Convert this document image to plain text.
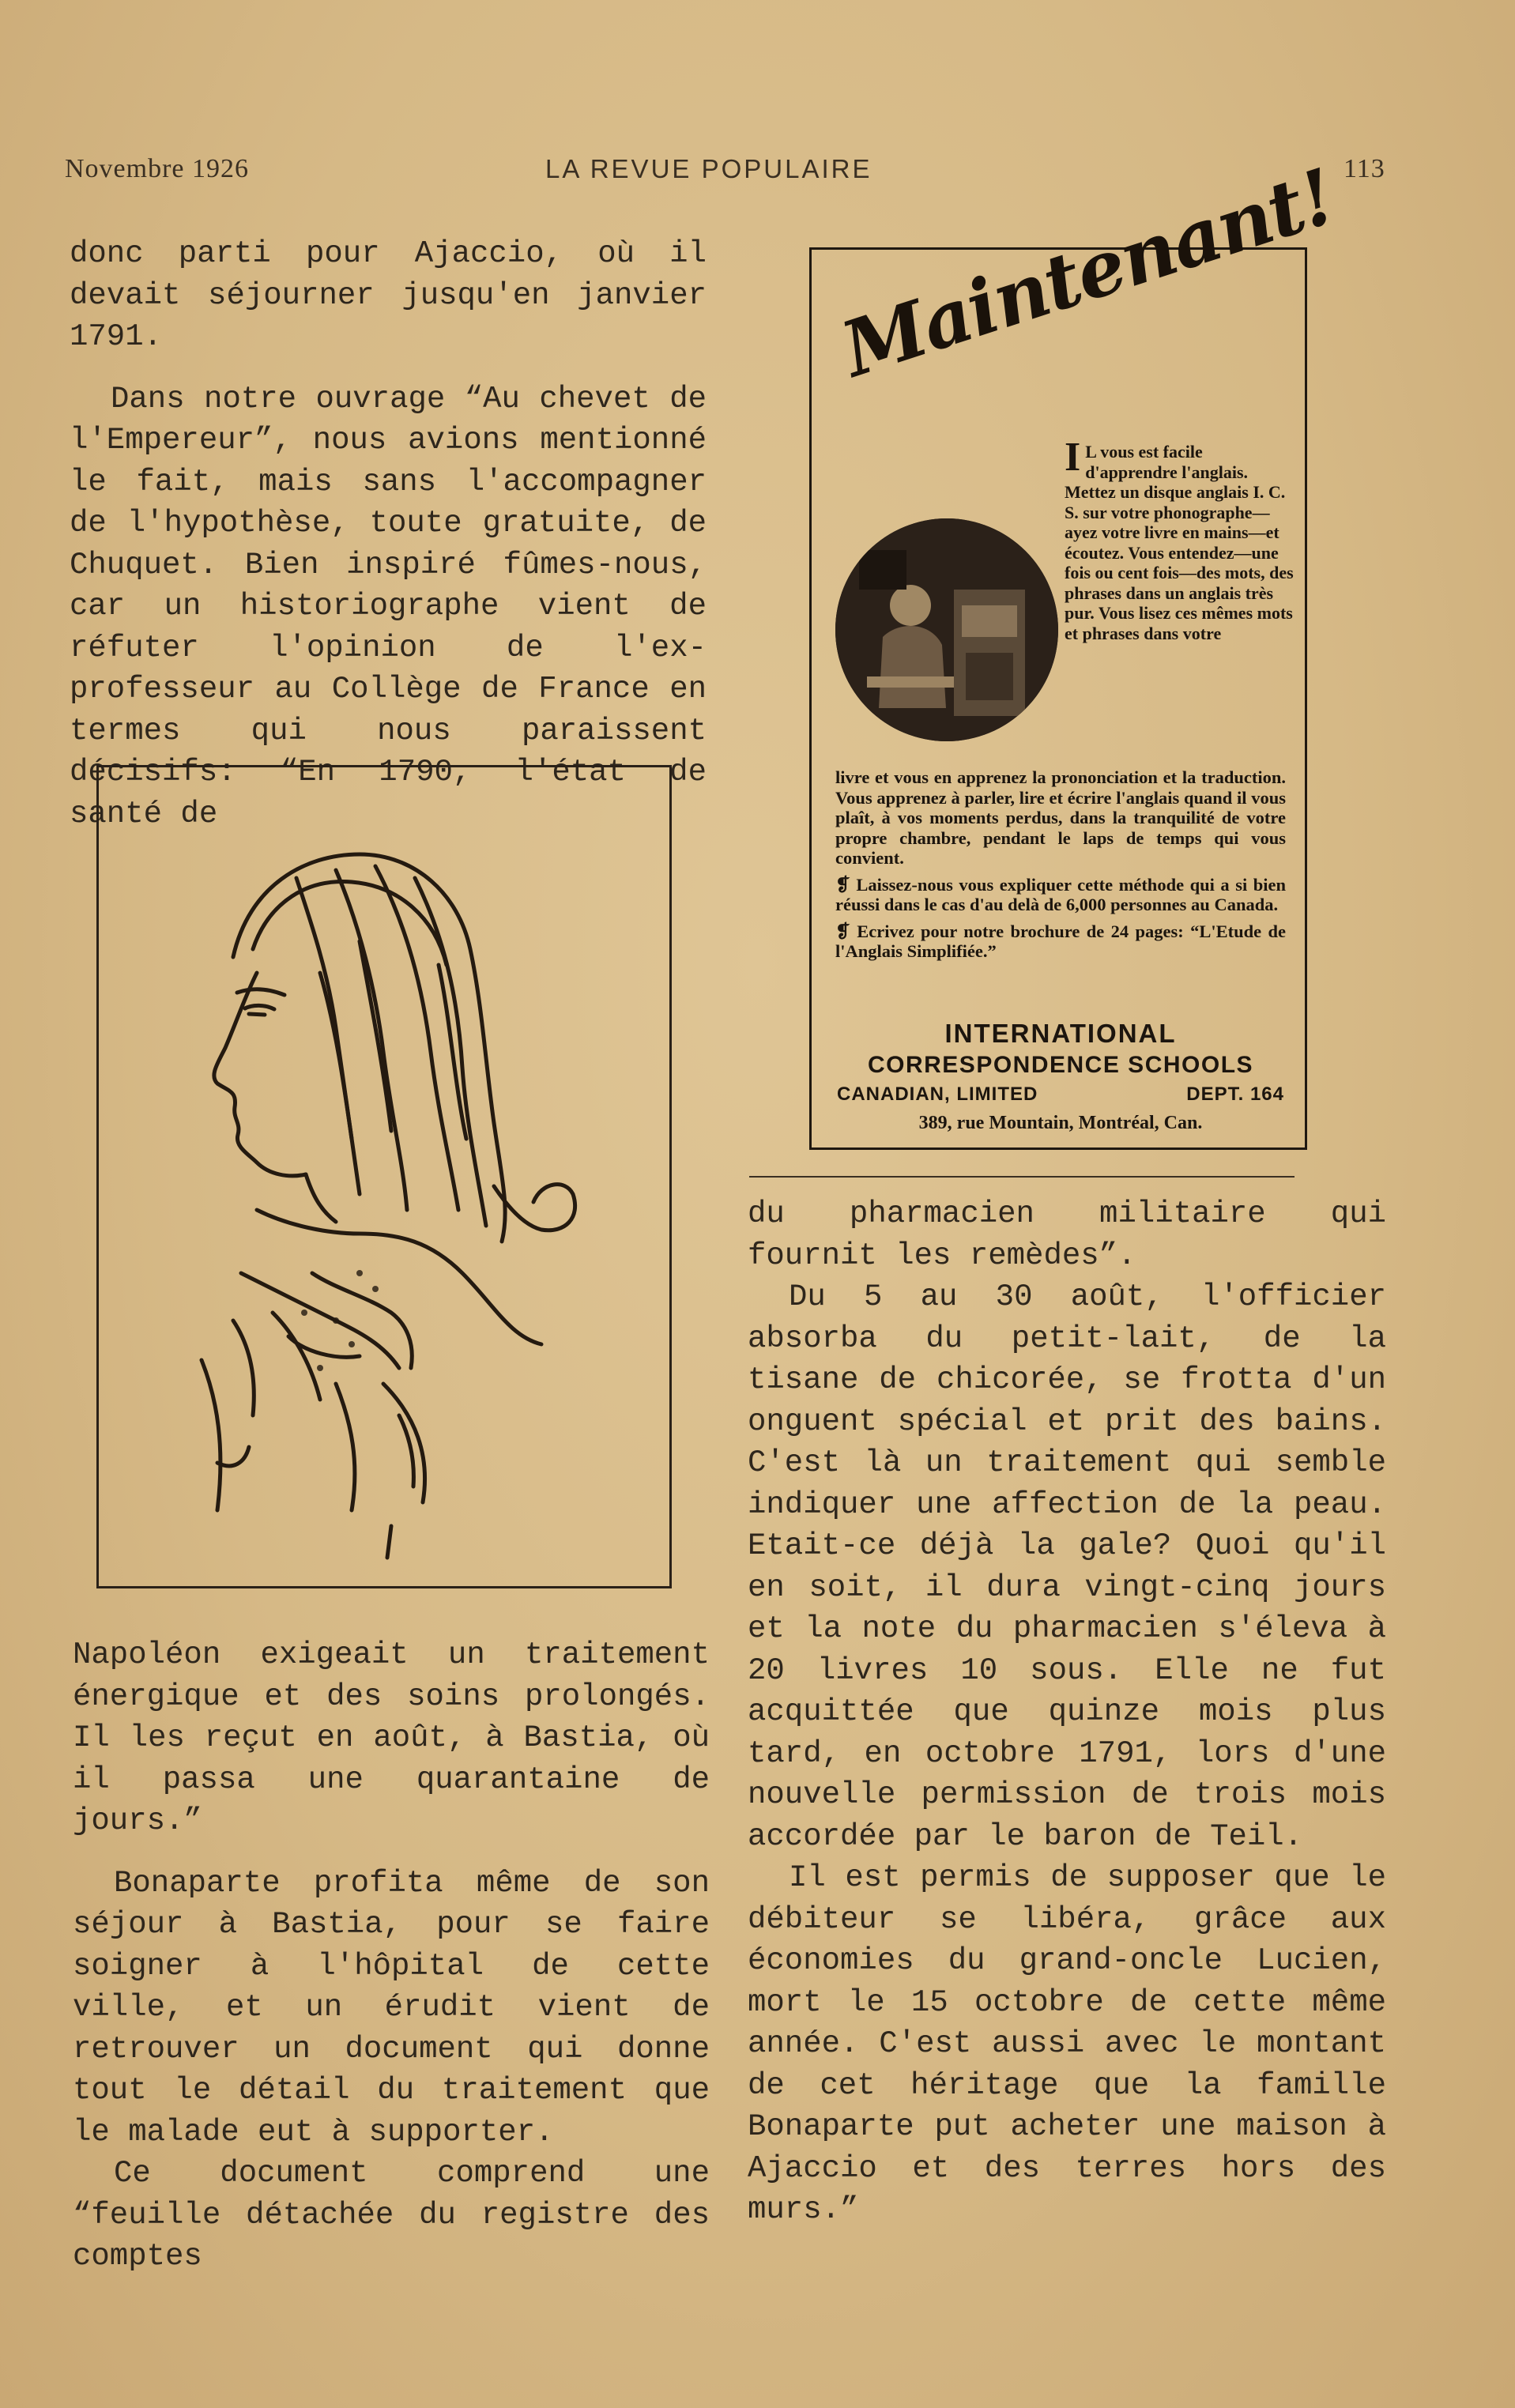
Novembre 1926	LA REVUE POPULAIRE	113

donc parti pour Ajaccio, où il devait séjourner jusqu'en janvier 1791.

Dans notre ouvrage “Au chevet de l'Empereur”, nous avions mentionné le fait, mais sans l'accompagner de l'hypothèse, toute gratuite, de Chuquet. Bien inspiré fûmes-nous, car un historiographe vient de réfuter l'opinion de l'ex-professeur au Collège de France en termes qui nous paraissent décisifs: “En 1790, l'état de santé de

Napoléon exigeait un traitement énergique et des soins prolongés. Il les reçut en août, à Bastia, où il passa une quarantaine de jours.”

Bonaparte profita même de son séjour à Bastia, pour se faire soigner à l'hôpital de cette ville, et un érudit vient de retrouver un document qui donne tout le détail du traitement que le malade eut à supporter.

Ce document comprend une “feuille détachée du registre des comptes

Maintenant!
I L vous est facile d'apprendre l'anglais. Mettez un disque anglais I. C. S. sur votre phonographe—ayez votre livre en mains—et écoutez. Vous entendez—une fois ou cent fois—des mots, des phrases dans un anglais très pur. Vous lisez ces mêmes mots et phrases dans votre

livre et vous en apprenez la prononciation et la traduction. Vous apprenez à parler, lire et écrire l'anglais quand il vous plaît, à vos moments perdus, dans la tranquilité de votre propre chambre, pendant le laps de temps qui vous convient.

❡ Laissez-nous vous expliquer cette méthode qui a si bien réussi dans le cas d'au delà de 6,000 personnes au Canada.

❡ Ecrivez pour notre brochure de 24 pages: “L'Etude de l'Anglais Simplifiée.”

INTERNATIONAL
CORRESPONDENCE SCHOOLS
CANADIAN, LIMITED	DEPT. 164
389, rue Mountain, Montréal, Can.

du pharmacien militaire qui fournit les remèdes”.

Du 5 au 30 août, l'officier absorba du petit-lait, de la tisane de chicorée, se frotta d'un onguent spécial et prit des bains. C'est là un traitement qui semble indiquer une affection de la peau. Etait-ce déjà la gale? Quoi qu'il en soit, il dura vingt-cinq jours et la note du pharmacien s'éleva à 20 livres 10 sous. Elle ne fut acquittée que quinze mois plus tard, en octobre 1791, lors d'une nouvelle permission de trois mois accordée par le baron de Teil.

Il est permis de supposer que le débiteur se libéra, grâce aux économies du grand-oncle Lucien, mort le 15 octobre de cette même année. C'est aussi avec le montant de cet héritage que la famille Bonaparte put acheter une maison à Ajaccio et des terres hors des murs.”
